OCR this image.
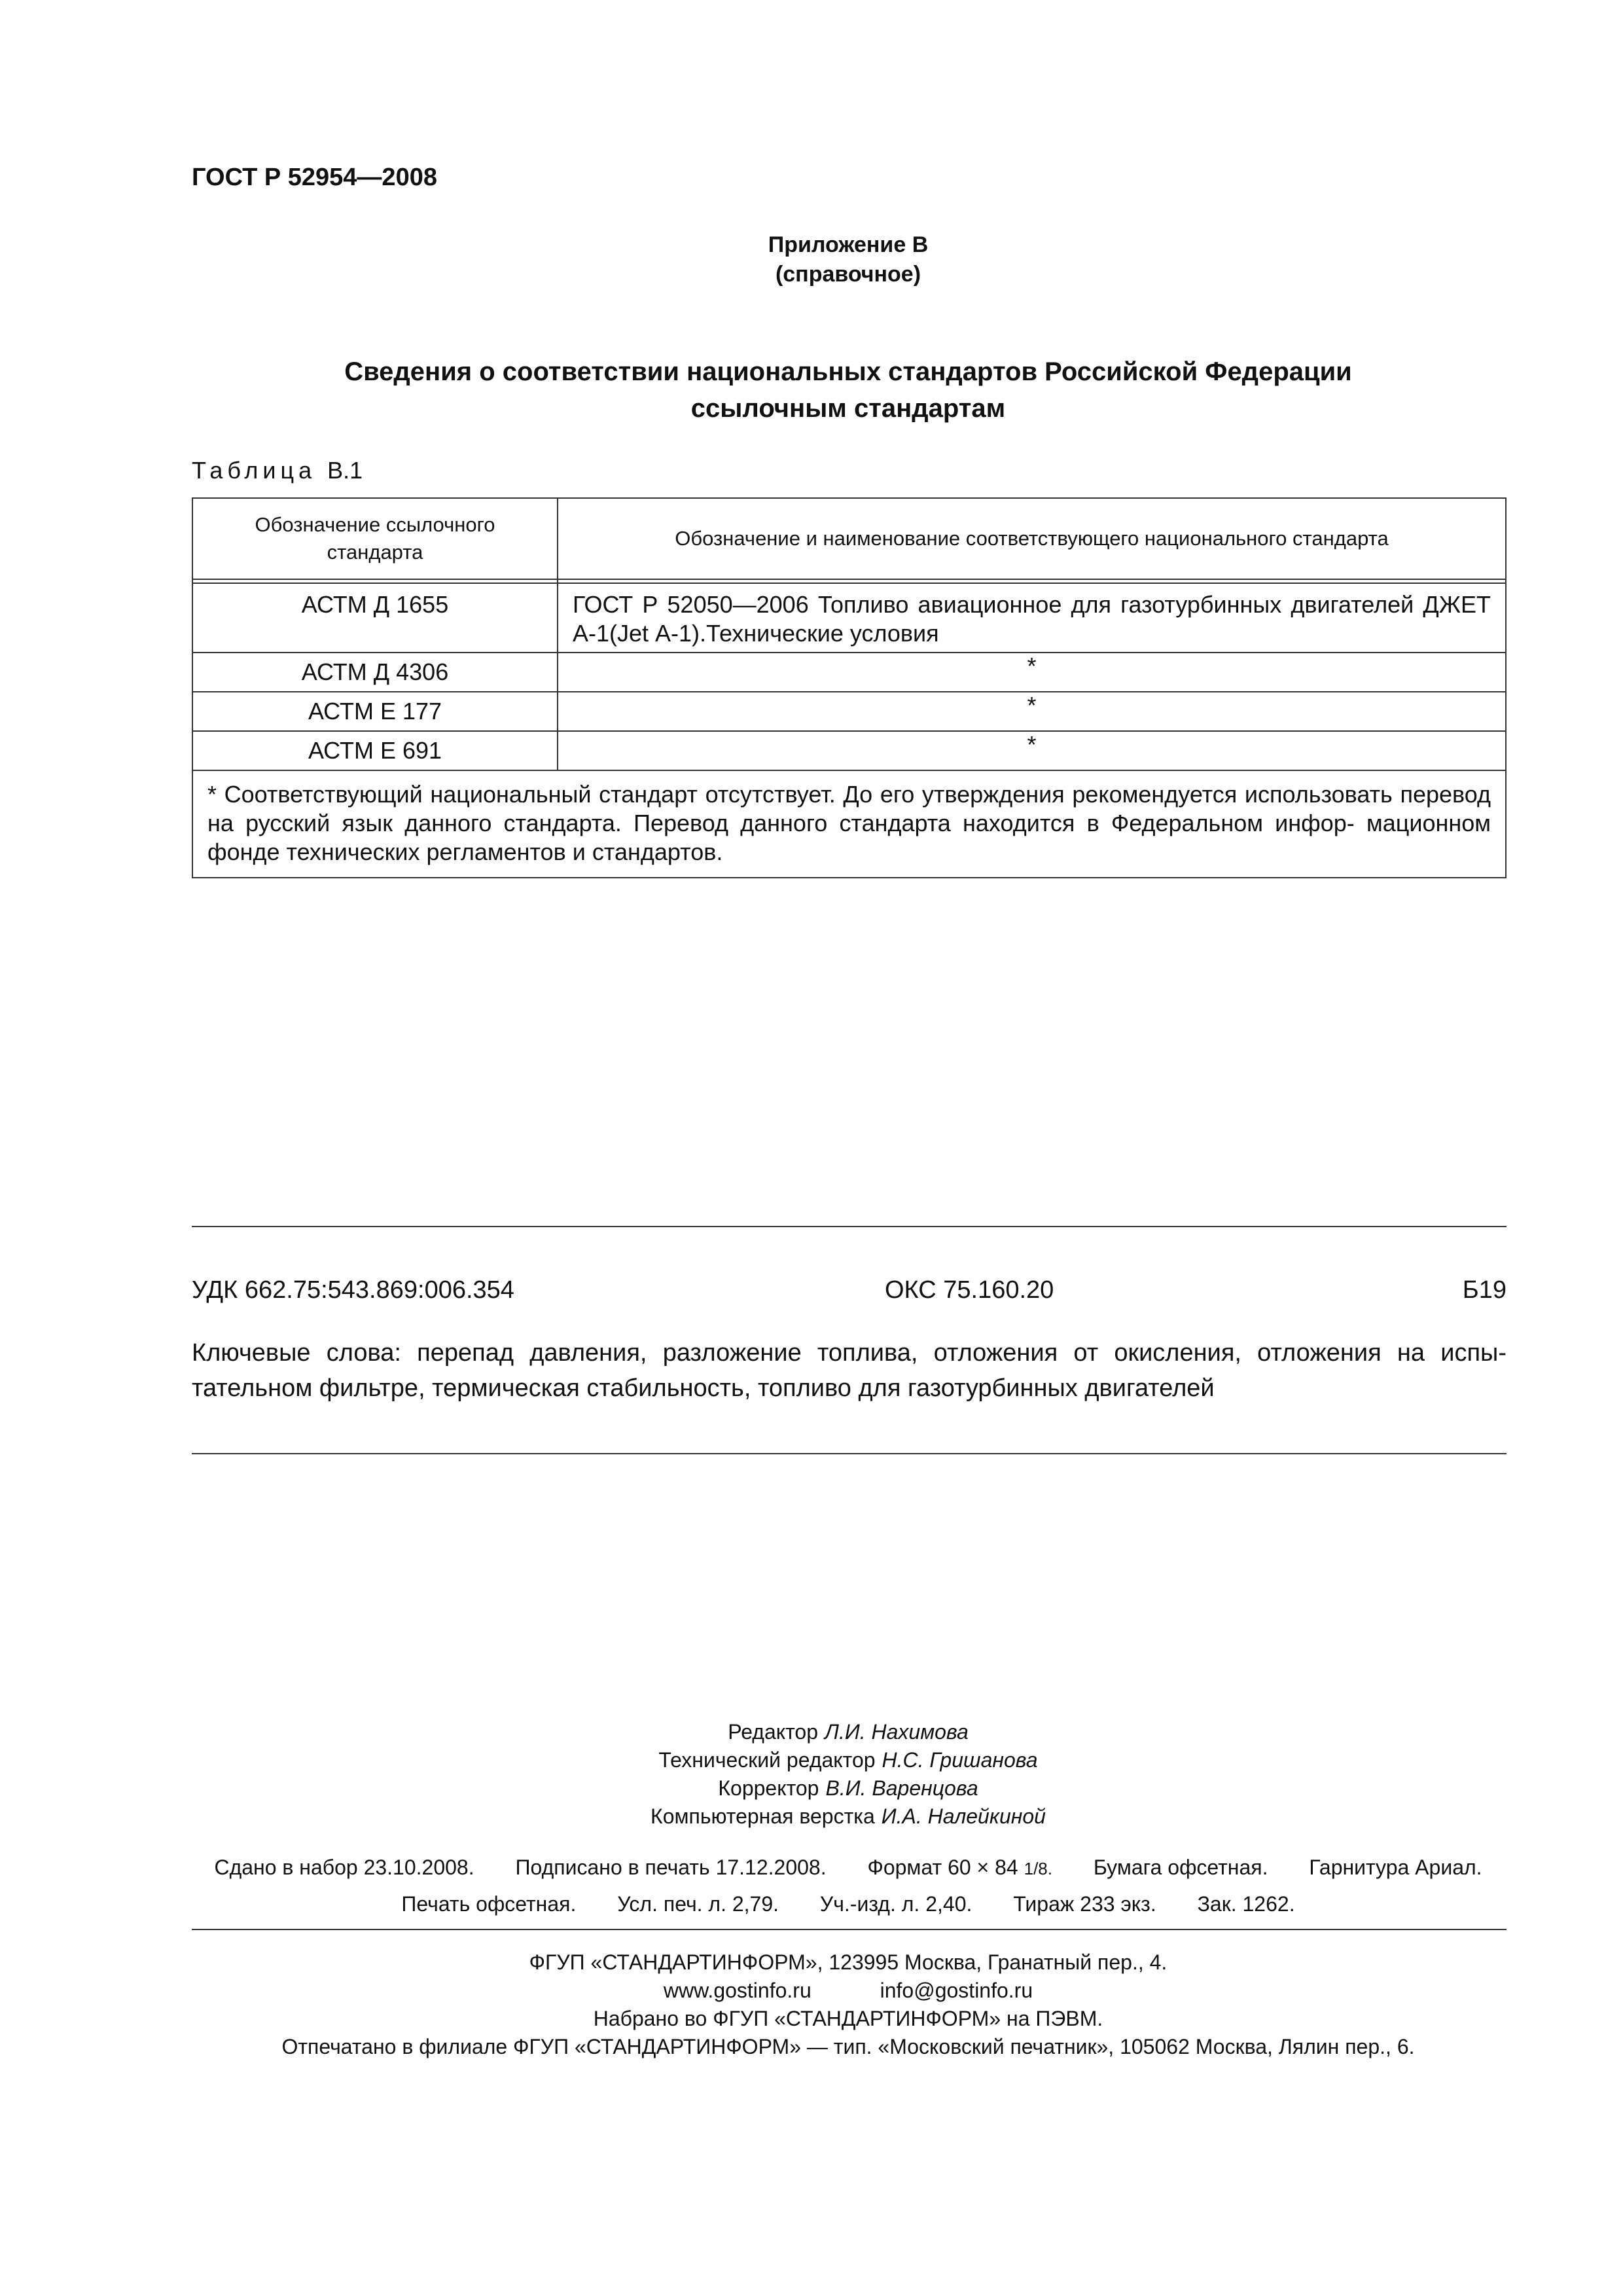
ГОСТ Р 52954—2008
Приложение В
(справочное)
Сведения о соответствии национальных стандартов Российской Федерации
ссылочным стандартам
Таблица В.1
Обозначение ссылочного стандарта	Обозначение и наименование соответствующего национального стандарта

АСТМ Д 1655	ГОСТ Р 52050—2006 Топливо авиационное для газотурбинных двигателей ДЖЕТ А-1(Jet А-1).Технические условия
АСТМ Д 4306	*
АСТМ Е 177	*
АСТМ Е 691	*
* Соответствующий национальный стандарт отсутствует. До его утверждения рекомендуется использовать перевод на русский язык данного стандарта. Перевод данного стандарта находится в Федеральном инфор- мационном фонде технических регламентов и стандартов.	
УДК 662.75:543.869:006.354	ОКС 75.160.20	Б19
Ключевые слова: перепад давления, разложение топлива, отложения от окисления, отложения на испы- тательном фильтре, термическая стабильность, топливо для газотурбинных двигателей
Редактор Л.И. Нахимова
Технический редактор Н.С. Гришанова
Корректор В.И. Варенцова
Компьютерная верстка И.А. Налейкиной
Сдано в набор 23.10.2008. Подписано в печать 17.12.2008. Формат 60 × 84 1/8. Бумага офсетная. Гарнитура Ариал.
Печать офсетная. Усл. печ. л. 2,79. Уч.-изд. л. 2,40. Тираж 233 экз. Зак. 1262.
ФГУП «СТАНДАРТИНФОРМ», 123995 Москва, Гранатный пер., 4.
www.gostinfo.ru	info@gostinfo.ru
Набрано во ФГУП «СТАНДАРТИНФОРМ» на ПЭВМ.
Отпечатано в филиале ФГУП «СТАНДАРТИНФОРМ» — тип. «Московский печатник», 105062 Москва, Лялин пер., 6.
